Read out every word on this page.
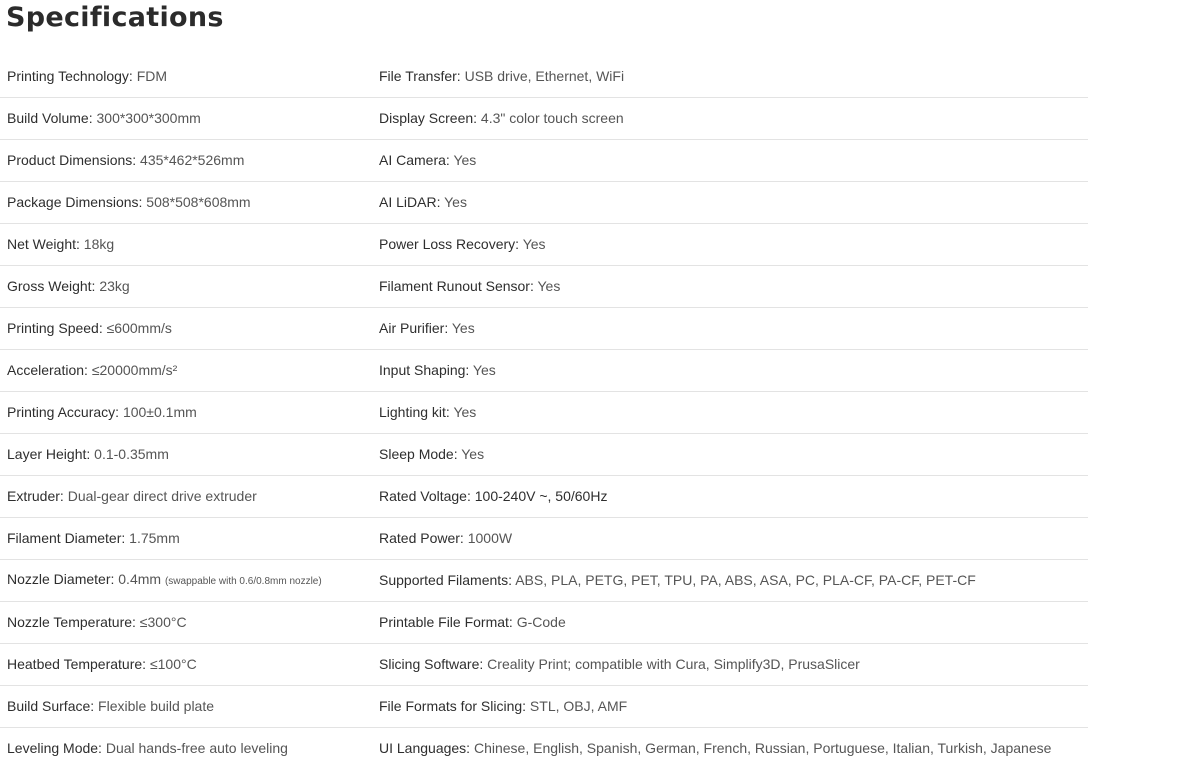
Specifications
Printing Technology: FDM	File Transfer: USB drive, Ethernet, WiFi
Build Volume: 300*300*300mm	Display Screen: 4.3" color touch screen
Product Dimensions: 435*462*526mm	AI Camera: Yes
Package Dimensions: 508*508*608mm	AI LiDAR: Yes
Net Weight: 18kg	Power Loss Recovery: Yes
Gross Weight: 23kg	Filament Runout Sensor: Yes
Printing Speed: ≤600mm/s	Air Purifier: Yes
Acceleration: ≤20000mm/s²	Input Shaping: Yes
Printing Accuracy: 100±0.1mm	Lighting kit: Yes
Layer Height: 0.1-0.35mm	Sleep Mode: Yes
Extruder: Dual-gear direct drive extruder	Rated Voltage: 100-240V ~, 50/60Hz
Filament Diameter: 1.75mm	Rated Power: 1000W
Nozzle Diameter: 0.4mm (swappable with 0.6/0.8mm nozzle)	Supported Filaments: ABS, PLA, PETG, PET, TPU, PA, ABS, ASA, PC, PLA-CF, PA-CF, PET-CF
Nozzle Temperature: ≤300°C	Printable File Format: G-Code
Heatbed Temperature: ≤100°C	Slicing Software: Creality Print; compatible with Cura, Simplify3D, PrusaSlicer
Build Surface: Flexible build plate	File Formats for Slicing: STL, OBJ, AMF
Leveling Mode: Dual hands-free auto leveling	UI Languages: Chinese, English, Spanish, German, French, Russian, Portuguese, Italian, Turkish, Japanese
